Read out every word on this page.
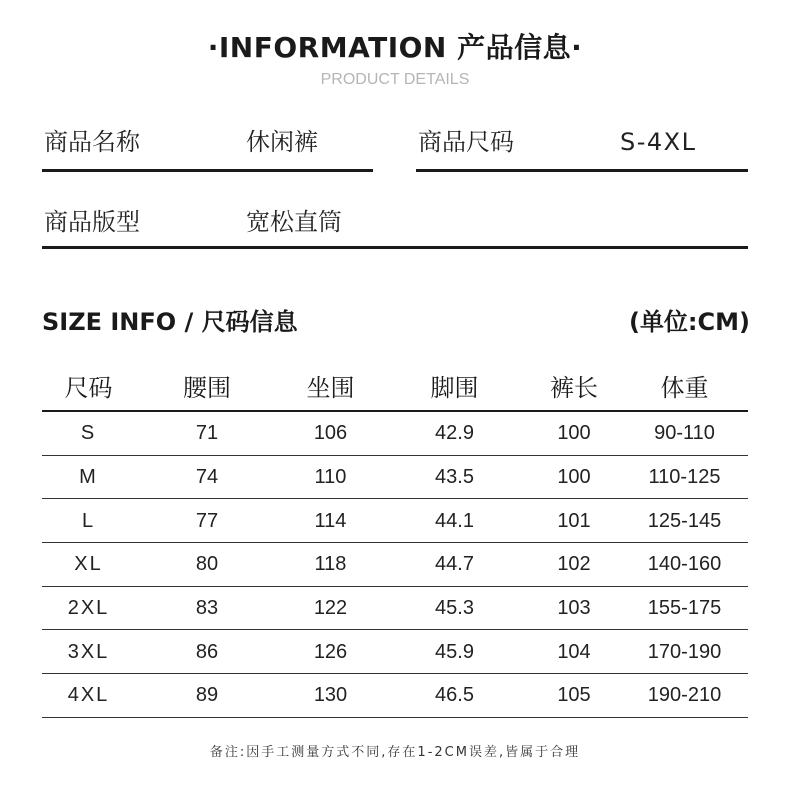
·INFORMATION 产品信息·
PRODUCT DETAILS
商品名称	休闲裤	商品尺码	S-4XL
商品版型	宽松直筒
SIZE INFO / 尺码信息	(单位:CM)
尺码	腰围	坐围	脚围	裤长	体重
S	71	106	42.9	100	90-110
M	74	110	43.5	100	110-125
L	77	114	44.1	101	125-145
XL	80	118	44.7	102	140-160
2XL	83	122	45.3	103	155-175
3XL	86	126	45.9	104	170-190
4XL	89	130	46.5	105	190-210
备注:因手工测量方式不同,存在1-2CM误差,皆属于合理
